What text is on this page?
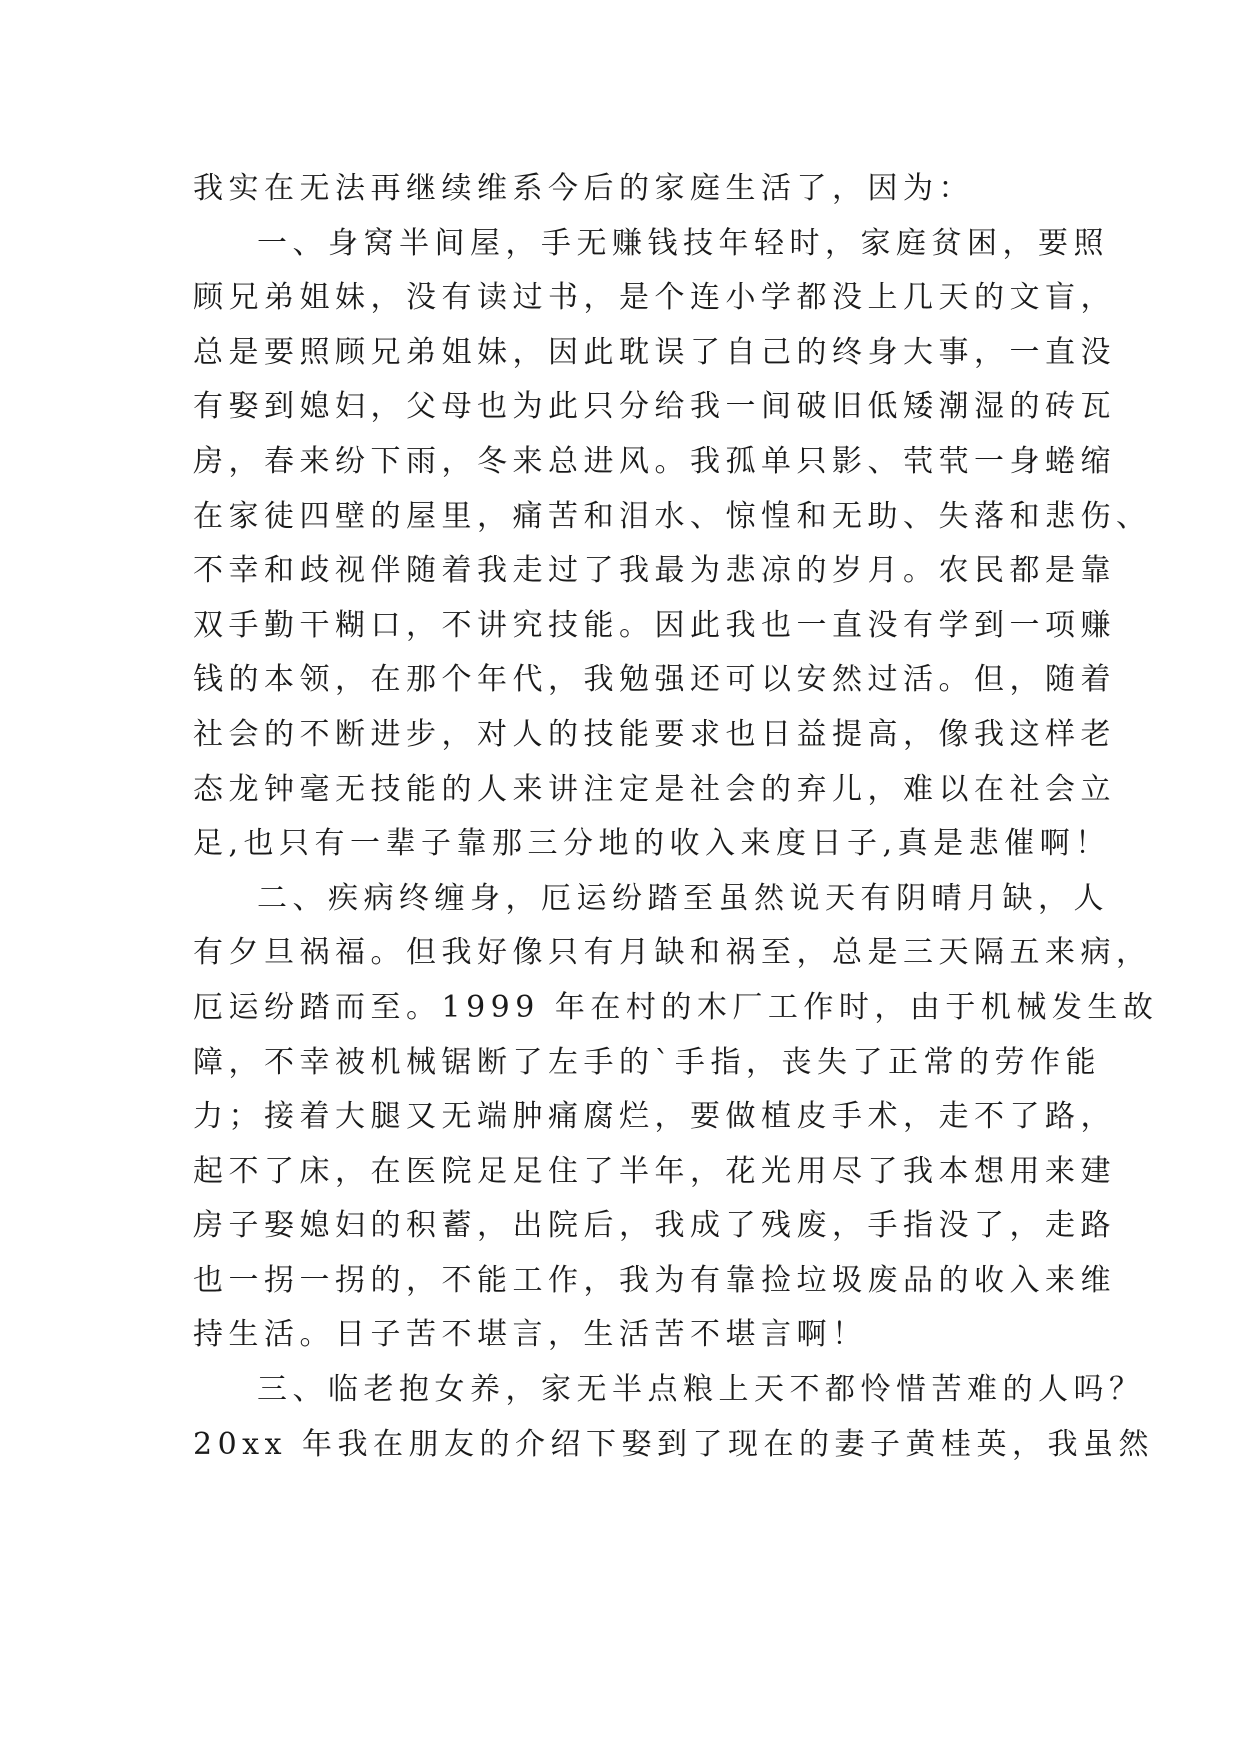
我实在无法再继续维系今后的家庭生活了，因为：
一、身窝半间屋，手无赚钱技年轻时，家庭贫困，要照
顾兄弟姐妹，没有读过书，是个连小学都没上几天的文盲，
总是要照顾兄弟姐妹，因此耽误了自己的终身大事，一直没
有娶到媳妇，父母也为此只分给我一间破旧低矮潮湿的砖瓦
房，春来纷下雨，冬来总进风。我孤单只影、茕茕一身蜷缩
在家徒四壁的屋里，痛苦和泪水、惊惶和无助、失落和悲伤、
不幸和歧视伴随着我走过了我最为悲凉的岁月。农民都是靠
双手勤干糊口，不讲究技能。因此我也一直没有学到一项赚
钱的本领，在那个年代，我勉强还可以安然过活。但，随着
社会的不断进步，对人的技能要求也日益提高，像我这样老
态龙钟毫无技能的人来讲注定是社会的弃儿，难以在社会立
足,也只有一辈子靠那三分地的收入来度日子,真是悲催啊！
二、疾病终缠身，厄运纷踏至虽然说天有阴晴月缺，人
有夕旦祸福。但我好像只有月缺和祸至，总是三天隔五来病，
厄运纷踏而至。1999 年在村的木厂工作时，由于机械发生故
障，不幸被机械锯断了左手的`手指，丧失了正常的劳作能
力；接着大腿又无端肿痛腐烂，要做植皮手术，走不了路，
起不了床，在医院足足住了半年，花光用尽了我本想用来建
房子娶媳妇的积蓄，出院后，我成了残废，手指没了，走路
也一拐一拐的，不能工作，我为有靠捡垃圾废品的收入来维
持生活。日子苦不堪言，生活苦不堪言啊！
三、临老抱女养，家无半点粮上天不都怜惜苦难的人吗？
20xx 年我在朋友的介绍下娶到了现在的妻子黄桂英，我虽然
